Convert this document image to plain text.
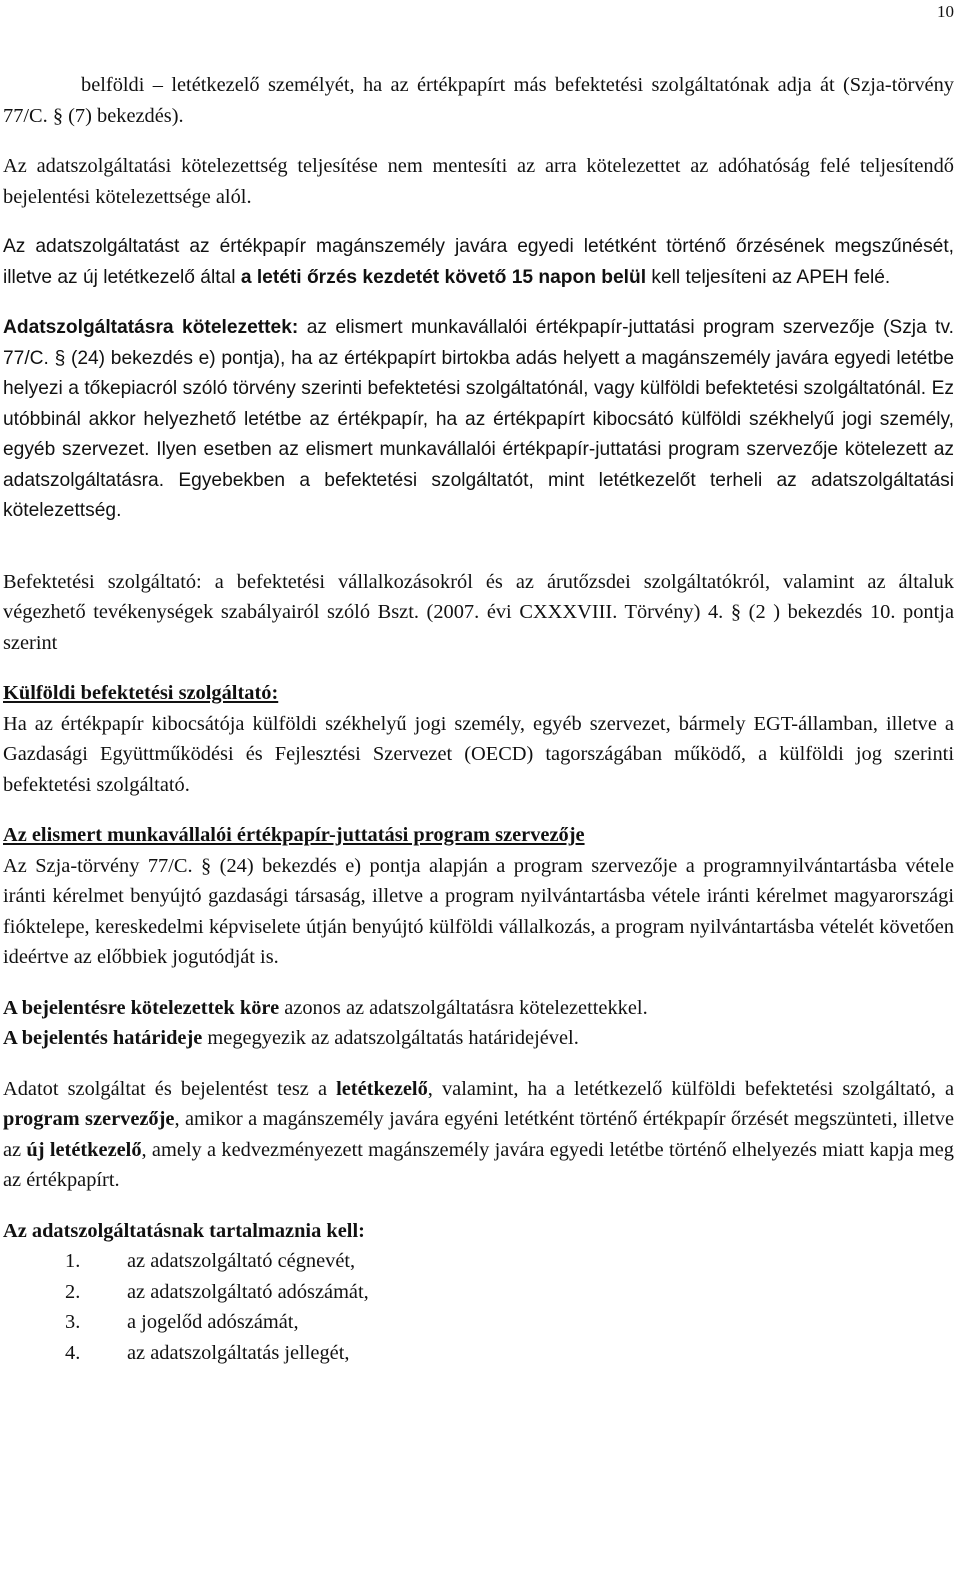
10

belföldi – letétkezelő személyét, ha az értékpapírt más befektetési szolgáltatónak adja át (Szja-törvény 77/C. § (7) bekezdés).

Az adatszolgáltatási kötelezettség teljesítése nem mentesíti az arra kötelezettet az adóhatóság felé teljesítendő bejelentési kötelezettsége alól.

Az adatszolgáltatást az értékpapír magánszemély javára egyedi letétként történő őrzésének megszűnését, illetve az új letétkezelő által a letéti őrzés kezdetét követő 15 napon belül kell teljesíteni az APEH felé.

Adatszolgáltatásra kötelezettek: az elismert munkavállalói értékpapír-juttatási program szervezője (Szja tv. 77/C. § (24) bekezdés e) pontja), ha az értékpapírt birtokba adás helyett a magánszemély javára egyedi letétbe helyezi a tőkepiacról szóló törvény szerinti befektetési szolgáltatónál, vagy külföldi befektetési szolgáltatónál. Ez utóbbinál akkor helyezhető letétbe az értékpapír, ha az értékpapírt kibocsátó külföldi székhelyű jogi személy, egyéb szervezet. Ilyen esetben az elismert munkavállalói értékpapír-juttatási program szervezője kötelezett az adatszolgáltatásra. Egyebekben a befektetési szolgáltatót, mint letétkezelőt terheli az adatszolgáltatási kötelezettség.

Befektetési szolgáltató: a befektetési vállalkozásokról és az árutőzsdei szolgáltatókról, valamint az általuk végezhető tevékenységek szabályairól szóló Bszt. (2007. évi CXXXVIII. Törvény) 4. § (2 ) bekezdés 10. pontja szerint

Külföldi befektetési szolgáltató:

Ha az értékpapír kibocsátója külföldi székhelyű jogi személy, egyéb szervezet, bármely EGT-államban, illetve a Gazdasági Együttműködési és Fejlesztési Szervezet (OECD) tagországában működő, a külföldi jog szerinti befektetési szolgáltató.

Az elismert munkavállalói értékpapír-juttatási program szervezője

Az Szja-törvény 77/C. § (24) bekezdés e) pontja alapján a program szervezője a programnyilvántartásba vétele iránti kérelmet benyújtó gazdasági társaság, illetve a program nyilvántartásba vétele iránti kérelmet magyarországi fióktelepe, kereskedelmi képviselete útján benyújtó külföldi vállalkozás, a program nyilvántartásba vételét követően ideértve az előbbiek jogutódját is.

A bejelentésre kötelezettek köre azonos az adatszolgáltatásra kötelezettekkel.
A bejelentés határideje megegyezik az adatszolgáltatás határidejével.

Adatot szolgáltat és bejelentést tesz a letétkezelő, valamint, ha a letétkezelő külföldi befektetési szolgáltató, a program szervezője, amikor a magánszemély javára egyéni letétként történő értékpapír őrzését megszünteti, illetve az új letétkezelő, amely a kedvezményezett magánszemély javára egyedi letétbe történő elhelyezés miatt kapja meg az értékpapírt.

Az adatszolgáltatásnak tartalmaznia kell:

1.	az adatszolgáltató cégnevét,
2.	az adatszolgáltató adószámát,
3.	a jogelőd adószámát,
4.	az adatszolgáltatás jellegét,
